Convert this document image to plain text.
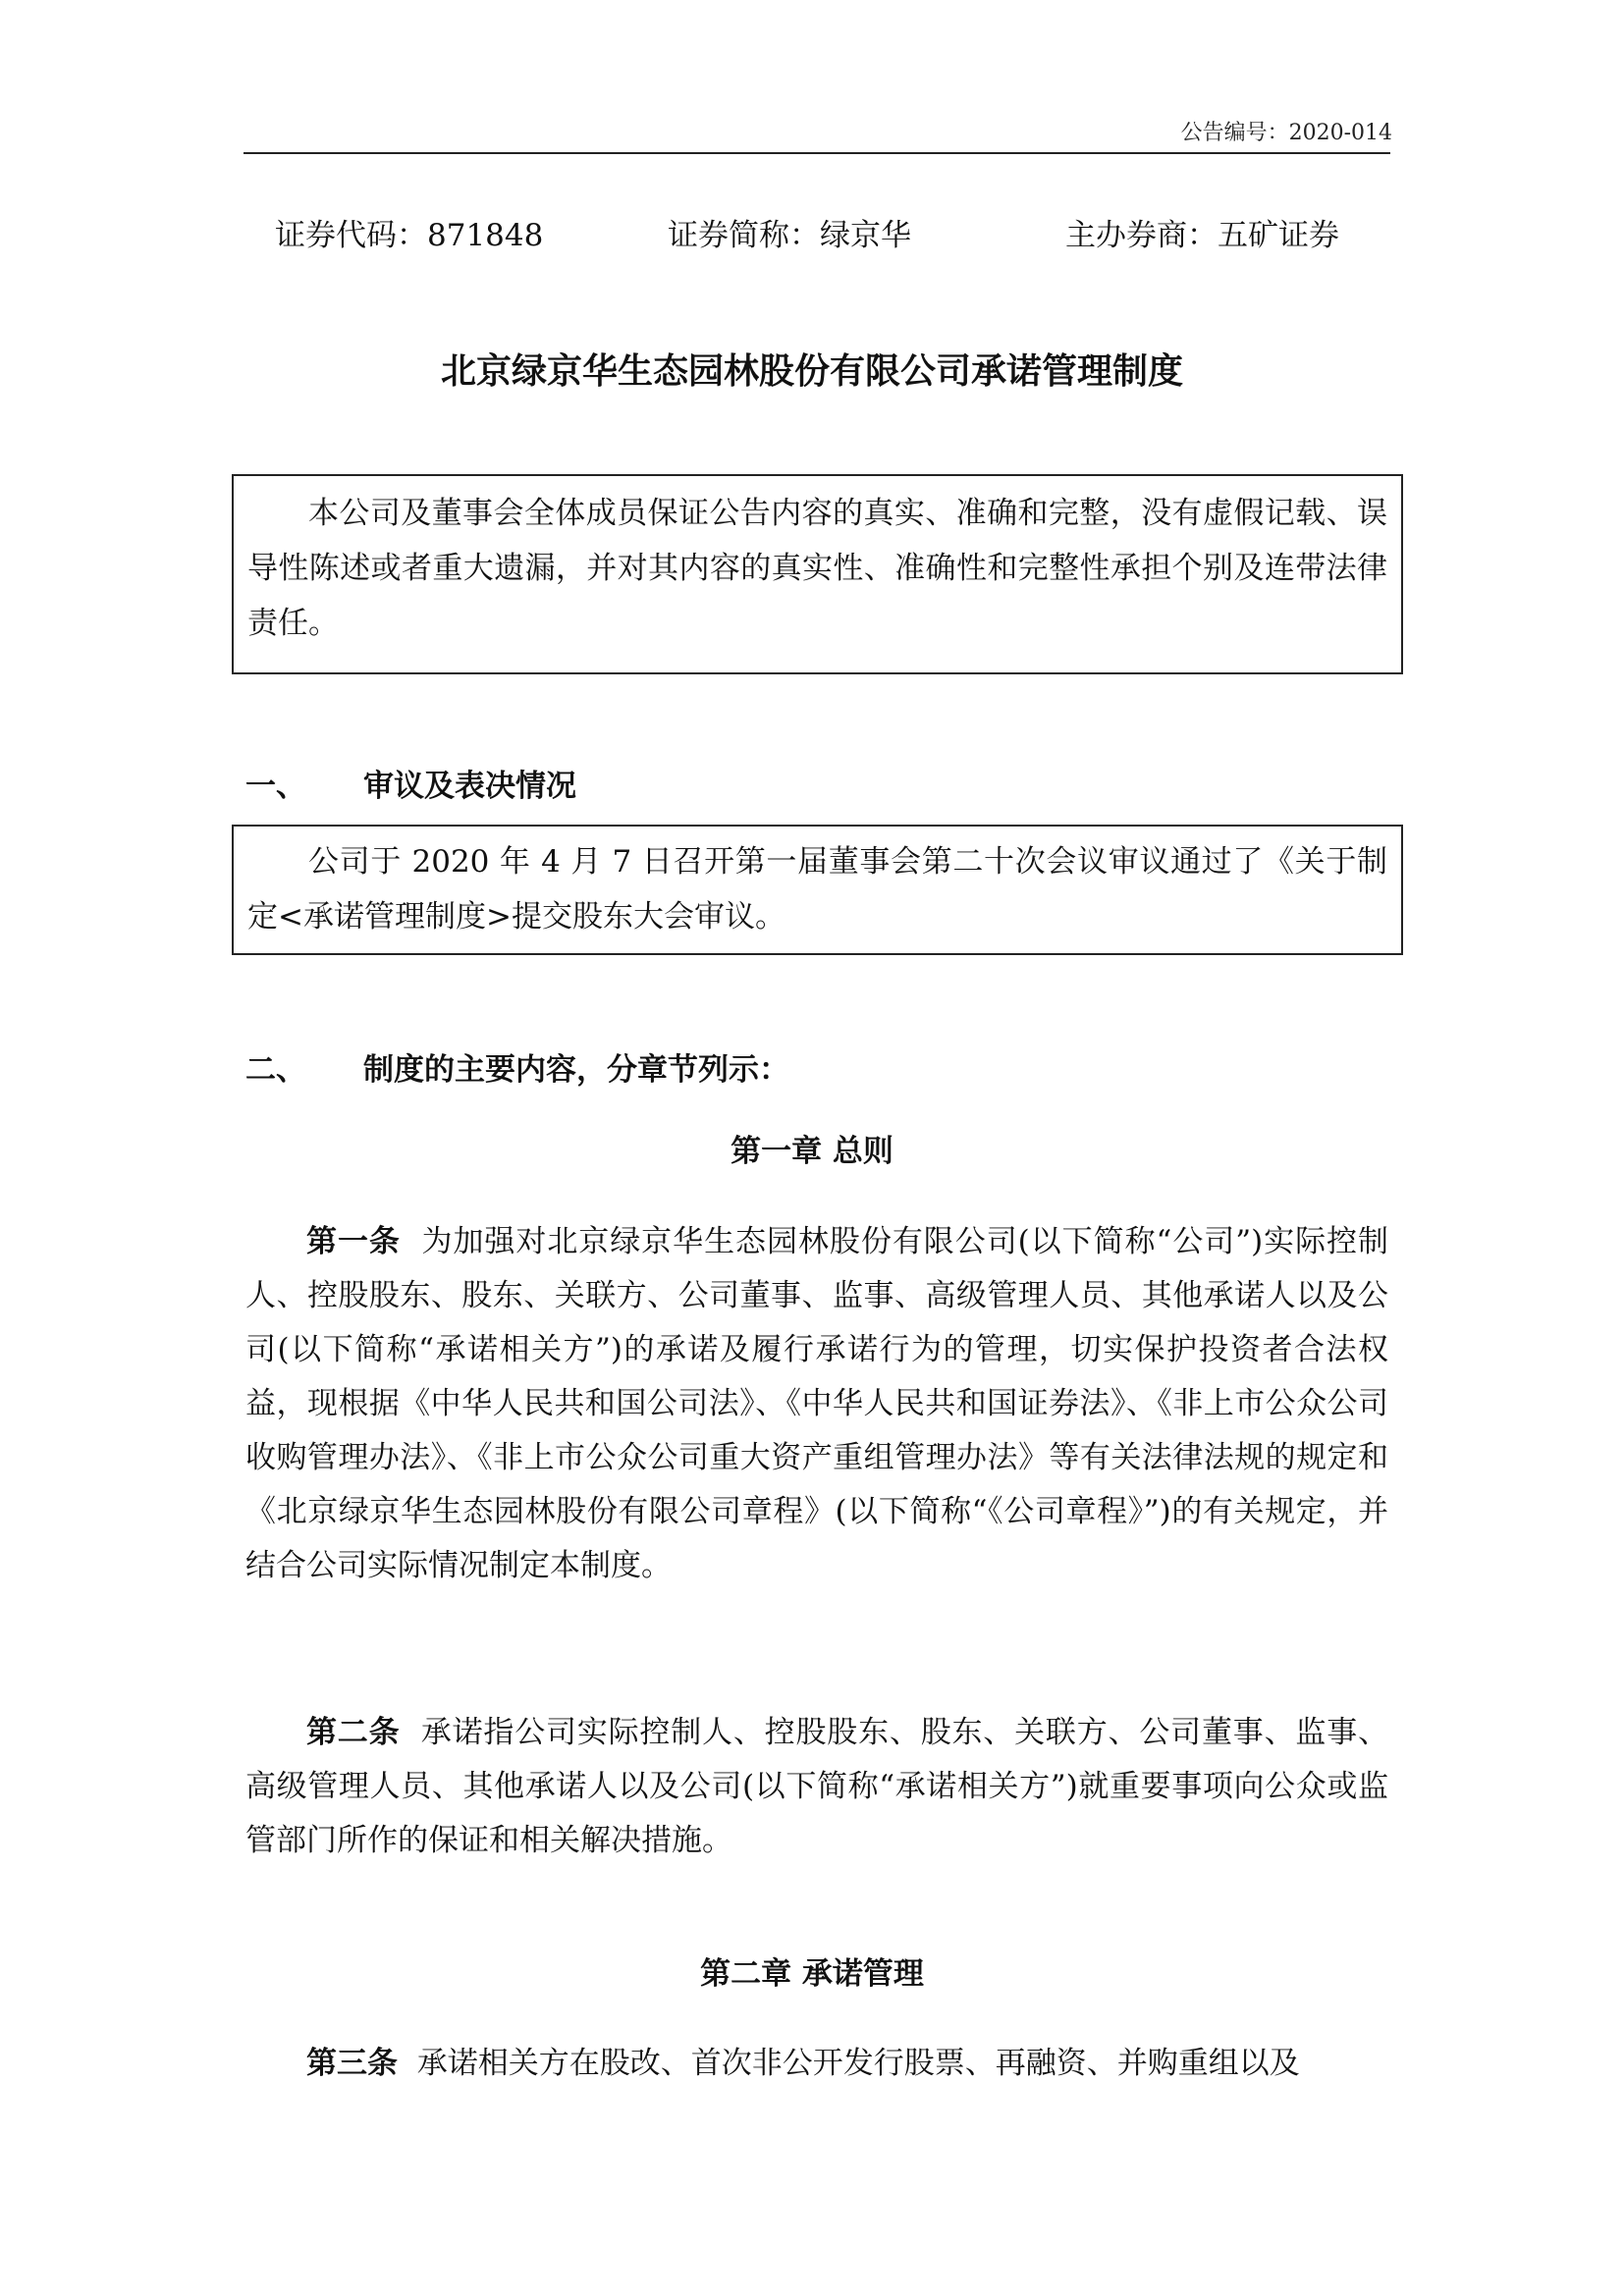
公告编号：2020-014
证券代码：871848	证券简称：绿京华	主办券商：五矿证券
北京绿京华生态园林股份有限公司承诺管理制度

本公司及董事会全体成员保证公告内容的真实、准确和完整，没有虚假记载、误导性陈述或者重大遗漏，并对其内容的真实性、准确性和完整性承担个别及连带法律责任。

一、 审议及表决情况

公司于 2020 年 4 月 7 日召开第一届董事会第二十次会议审议通过了《关于制定<承诺管理制度>提交股东大会审议。

二、 制度的主要内容，分章节列示：
第一章 总则

第一条 为加强对北京绿京华生态园林股份有限公司(以下简称“公司”)实际控制人、控股股东、股东、关联方、公司董事、监事、高级管理人员、其他承诺人以及公司(以下简称“承诺相关方”)的承诺及履行承诺行为的管理，切实保护投资者合法权益，现根据《中华人民共和国公司法》、《中华人民共和国证券法》、《非上市公众公司收购管理办法》、《非上市公众公司重大资产重组管理办法》等有关法律法规的规定和《北京绿京华生态园林股份有限公司章程》(以下简称“《公司章程》”)的有关规定，并结合公司实际情况制定本制度。

第二条 承诺指公司实际控制人、控股股东、股东、关联方、公司董事、监事、高级管理人员、其他承诺人以及公司(以下简称“承诺相关方”)就重要事项向公众或监管部门所作的保证和相关解决措施。

第二章 承诺管理

第三条 承诺相关方在股改、首次非公开发行股票、再融资、并购重组以及
